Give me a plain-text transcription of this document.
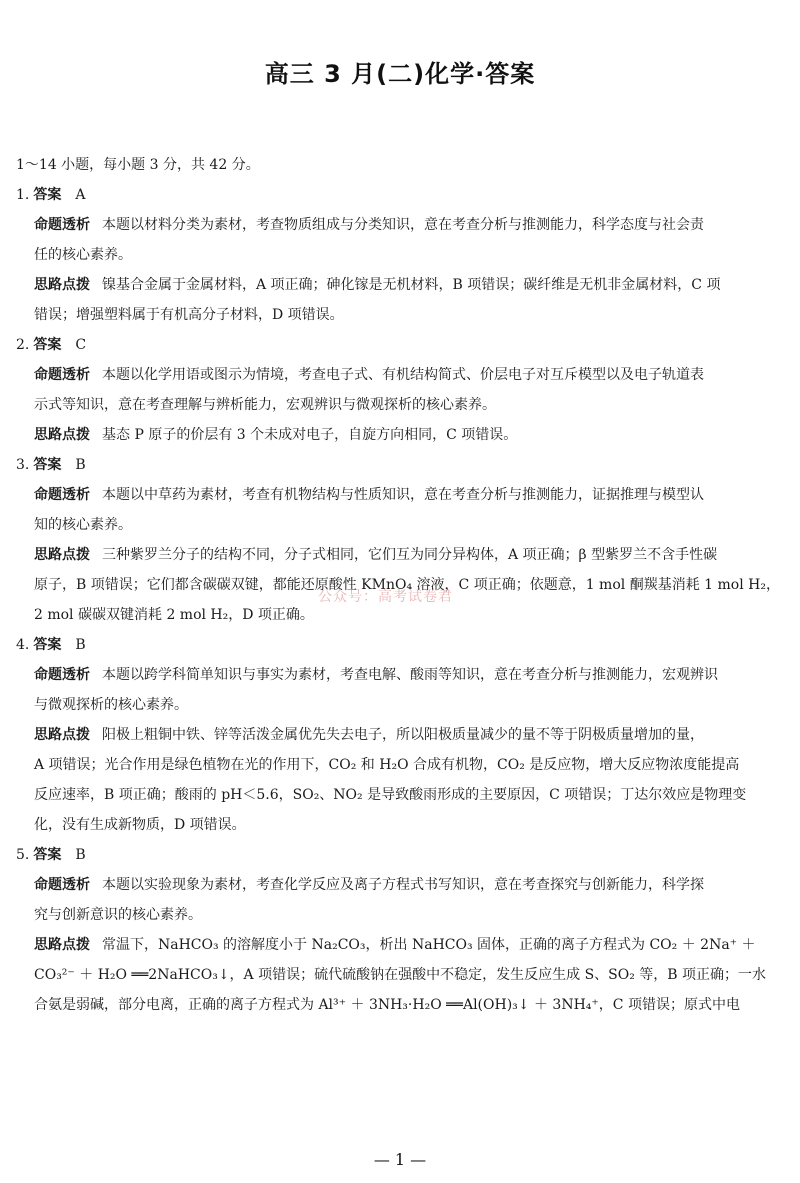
高三 3 月(二)化学·答案
1～14 小题，每小题 3 分，共 42 分。
1. 答案 A
命题透析 本题以材料分类为素材，考查物质组成与分类知识，意在考查分析与推测能力，科学态度与社会责
任的核心素养。
思路点拨 镍基合金属于金属材料，A 项正确；砷化镓是无机材料，B 项错误；碳纤维是无机非金属材料，C 项
错误；增强塑料属于有机高分子材料，D 项错误。
2. 答案 C
命题透析 本题以化学用语或图示为情境，考查电子式、有机结构简式、价层电子对互斥模型以及电子轨道表
示式等知识，意在考查理解与辨析能力，宏观辨识与微观探析的核心素养。
思路点拨 基态 P 原子的价层有 3 个未成对电子，自旋方向相同，C 项错误。
3. 答案 B
命题透析 本题以中草药为素材，考查有机物结构与性质知识，意在考查分析与推测能力，证据推理与模型认
知的核心素养。
思路点拨 三种紫罗兰分子的结构不同，分子式相同，它们互为同分异构体，A 项正确；β 型紫罗兰不含手性碳
原子，B 项错误；它们都含碳碳双键，都能还原酸性 KMnO₄ 溶液，C 项正确；依题意，1 mol 酮羰基消耗 1 mol H₂，
2 mol 碳碳双键消耗 2 mol H₂，D 项正确。
4. 答案 B
命题透析 本题以跨学科简单知识与事实为素材，考查电解、酸雨等知识，意在考查分析与推测能力，宏观辨识
与微观探析的核心素养。
思路点拨 阳极上粗铜中铁、锌等活泼金属优先失去电子，所以阳极质量减少的量不等于阴极质量增加的量，
A 项错误；光合作用是绿色植物在光的作用下，CO₂ 和 H₂O 合成有机物，CO₂ 是反应物，增大反应物浓度能提高
反应速率，B 项正确；酸雨的 pH＜5.6，SO₂、NO₂ 是导致酸雨形成的主要原因，C 项错误；丁达尔效应是物理变
化，没有生成新物质，D 项错误。
5. 答案 B
命题透析 本题以实验现象为素材，考查化学反应及离子方程式书写知识，意在考查探究与创新能力，科学探
究与创新意识的核心素养。
思路点拨 常温下，NaHCO₃ 的溶解度小于 Na₂CO₃，析出 NaHCO₃ 固体，正确的离子方程式为 CO₂ ＋ 2Na⁺ ＋
CO₃²⁻ ＋ H₂O ══2NaHCO₃↓，A 项错误；硫代硫酸钠在强酸中不稳定，发生反应生成 S、SO₂ 等，B 项正确；一水
合氨是弱碱，部分电离，正确的离子方程式为 Al³⁺ ＋ 3NH₃·H₂O ══Al(OH)₃↓ ＋ 3NH₄⁺，C 项错误；原式中电
公众号：高考试卷君
— 1 —
